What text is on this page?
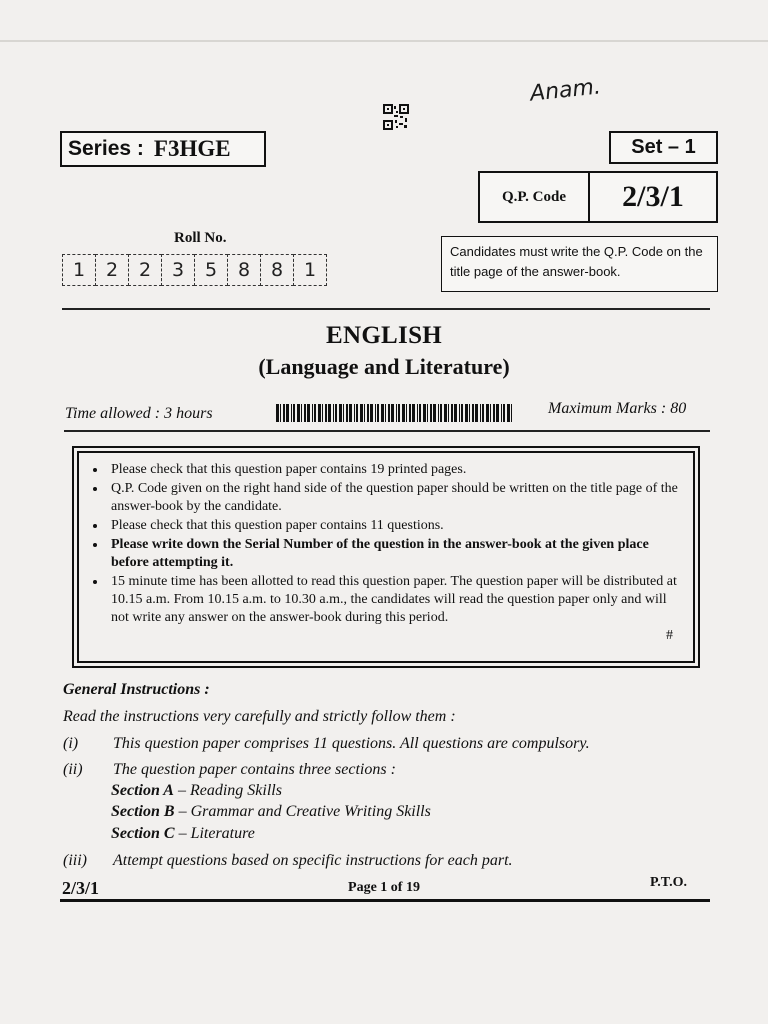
Anam.
Series : F3HGE	Set – 1
Q.P. Code	2/3/1
Roll No.
1	2	2	3	5	8	8	1
Candidates must write the Q.P. Code on the title page of the answer-book.
ENGLISH
(Language and Literature)
Time allowed : 3 hours	Maximum Marks : 80
• Please check that this question paper contains 19 printed pages.
• Q.P. Code given on the right hand side of the question paper should be written on the title page of the answer-book by the candidate.
• Please check that this question paper contains 11 questions.
• Please write down the Serial Number of the question in the answer-book at the given place before attempting it.
• 15 minute time has been allotted to read this question paper. The question paper will be distributed at 10.15 a.m. From 10.15 a.m. to 10.30 a.m., the candidates will read the question paper only and will not write any answer on the answer-book during this period.
#
General Instructions :
Read the instructions very carefully and strictly follow them :
(i)	This question paper comprises 11 questions. All questions are compulsory.
(ii)	The question paper contains three sections :
Section A – Reading Skills
Section B – Grammar and Creative Writing Skills
Section C – Literature
(iii)	Attempt questions based on specific instructions for each part.
2/3/1	Page 1 of 19	P.T.O.
